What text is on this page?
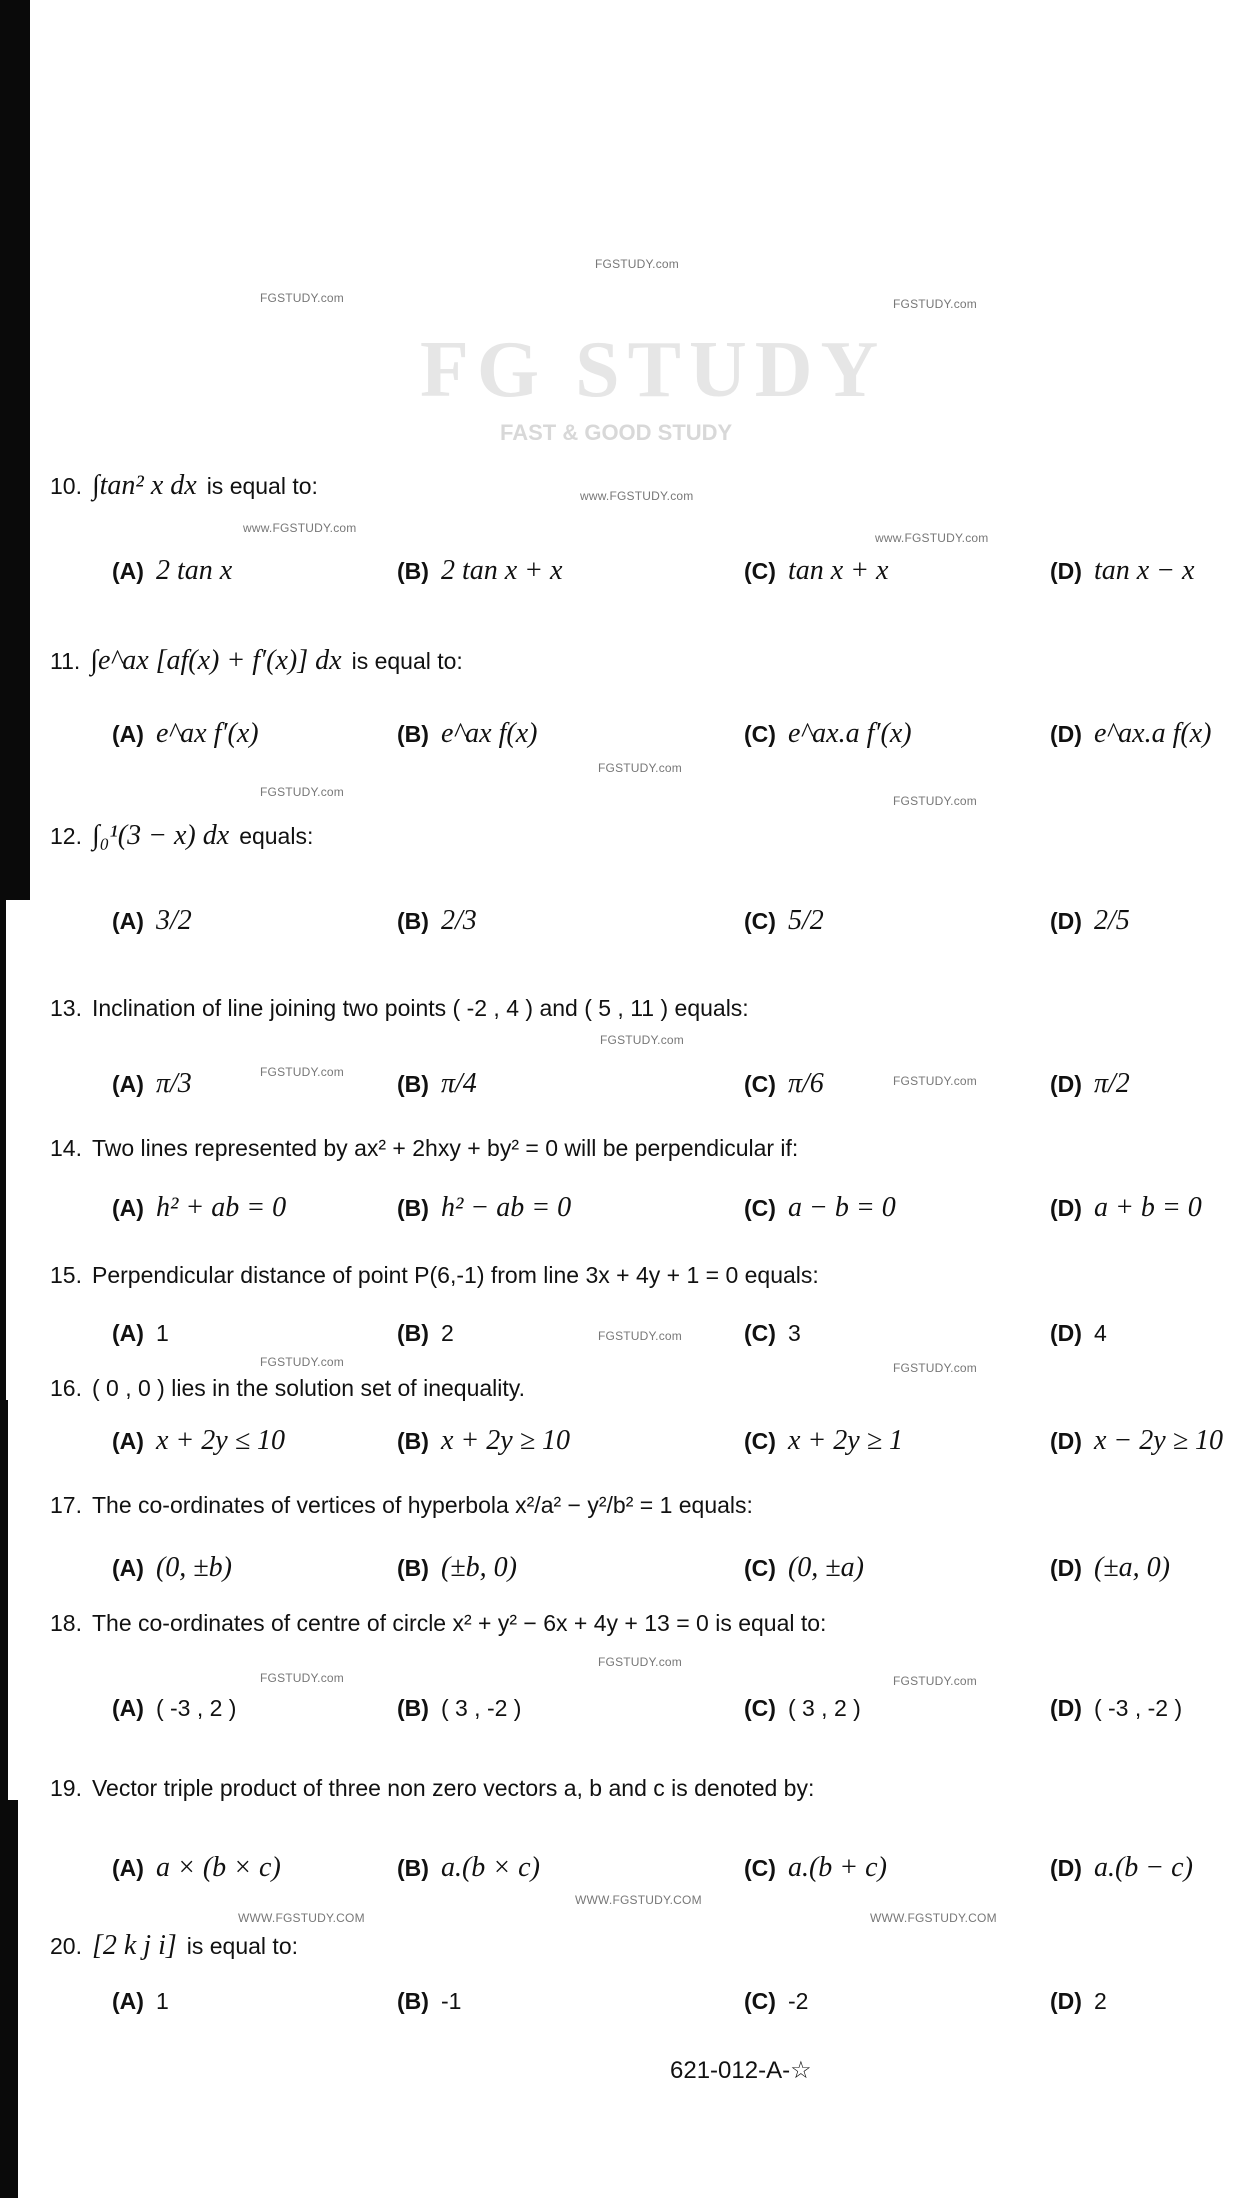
FG STUDY
FAST & GOOD STUDY
FGSTUDY.com
FGSTUDY.com	FGSTUDY.com
www.FGSTUDY.com
www.FGSTUDY.com
www.FGSTUDY.com
FGSTUDY.com
FGSTUDY.com
FGSTUDY.com
FGSTUDY.com
FGSTUDY.com
FGSTUDY.com
FGSTUDY.com
FGSTUDY.com	FGSTUDY.com
FGSTUDY.com
FGSTUDY.com	FGSTUDY.com
WWW.FGSTUDY.COM
WWW.FGSTUDY.COM	WWW.FGSTUDY.COM
10. ∫tan² x dx is equal to:
(A) 2 tan x	(B) 2 tan x + x	(C) tan x + x	(D) tan x − x
11. ∫e^ax [af(x) + f′(x)] dx is equal to:
(A) e^ax f′(x)	(B) e^ax f(x)	(C) e^ax.a f′(x)	(D) e^ax.a f(x)
12. ∫₀¹(3 − x) dx equals:
(A) 3/2	(B) 2/3	(C) 5/2	(D) 2/5
13. Inclination of line joining two points ( -2 , 4 ) and ( 5 , 11 ) equals:
(A) π/3	(B) π/4	(C) π/6	(D) π/2
14. Two lines represented by ax² + 2hxy + by² = 0 will be perpendicular if:
(A) h² + ab = 0	(B) h² − ab = 0	(C) a − b = 0	(D) a + b = 0
15. Perpendicular distance of point P(6,-1) from line 3x + 4y + 1 = 0 equals:
(A) 1	(B) 2	(C) 3	(D) 4
16. ( 0 , 0 ) lies in the solution set of inequality.
(A) x + 2y ≤ 10	(B) x + 2y ≥ 10	(C) x + 2y ≥ 1	(D) x − 2y ≥ 10
17. The co-ordinates of vertices of hyperbola x²/a² − y²/b² = 1 equals:
(A) (0, ±b)	(B) (±b, 0)	(C) (0, ±a)	(D) (±a, 0)
18. The co-ordinates of centre of circle x² + y² − 6x + 4y + 13 = 0 is equal to:
(A) ( -3 , 2 )	(B) ( 3 , -2 )	(C) ( 3 , 2 )	(D) ( -3 , -2 )
19. Vector triple product of three non zero vectors a, b and c is denoted by:
(A) a × (b × c)	(B) a.(b × c)	(C) a.(b + c)	(D) a.(b − c)
20. [2 k j i] is equal to:
(A) 1	(B) -1	(C) -2	(D) 2
621-012-A-☆
